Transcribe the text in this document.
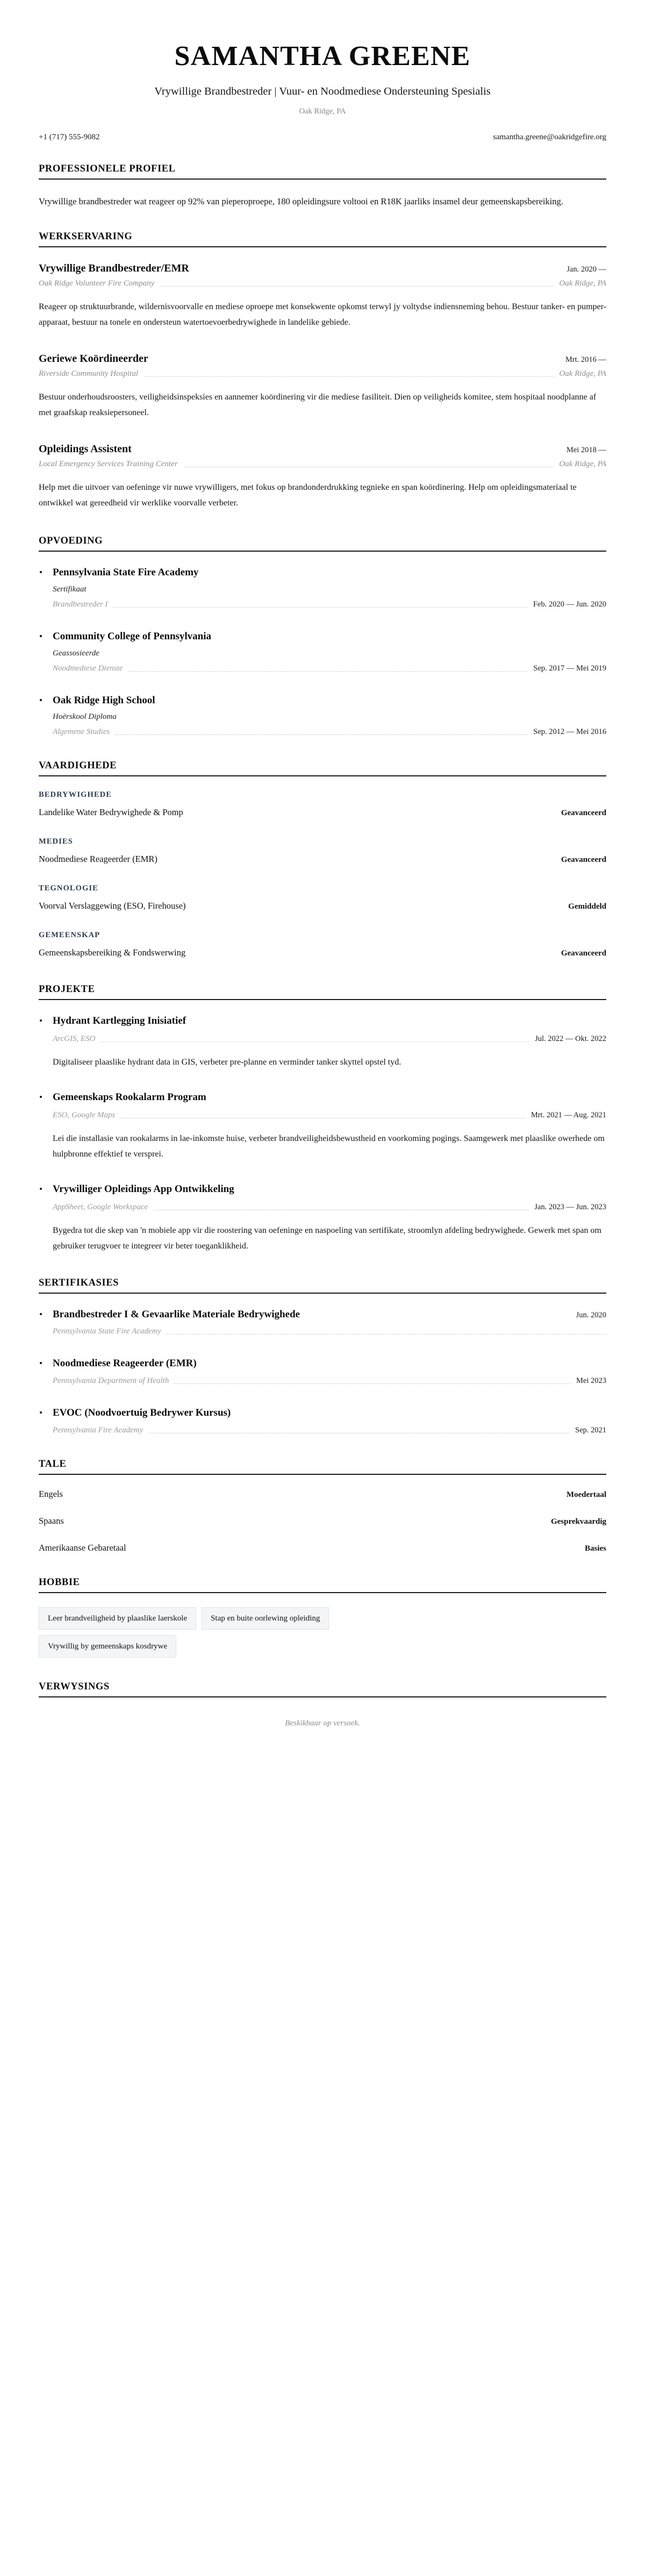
SAMANTHA GREENE
Vrywillige Brandbestreder | Vuur- en Noodmediese Ondersteuning Spesialis
Oak Ridge, PA
+1 (717) 555-9082	samantha.greene@oakridgefire.org
PROFESSIONELE PROFIEL

Vrywillige brandbestreder wat reageer op 92% van pieperoproepe, 180 opleidingsure voltooi en R18K jaarliks insamel deur gemeenskapsbereiking.

WERKSERVARING
Vrywillige Brandbestreder/EMR	Jan. 2020 —
Oak Ridge Volunteer Fire Company	Oak Ridge, PA

Reageer op struktuurbrande, wildernisvoorvalle en mediese oproepe met konsekwente opkomst terwyl jy voltydse indiensneming behou. Bestuur tanker- en pumper-apparaat, bestuur na tonele en ondersteun watertoevoerbedrywighede in landelike gebiede.

Geriewe Koördineerder	Mrt. 2016 —
Riverside Community Hospital	Oak Ridge, PA

Bestuur onderhoudsroosters, veiligheidsinspeksies en aannemer koördinering vir die mediese fasiliteit. Dien op veiligheids komitee, stem hospitaal noodplanne af met graafskap reaksiepersoneel.

Opleidings Assistent	Mei 2018 —
Local Emergency Services Training Center	Oak Ridge, PA

Help met die uitvoer van oefeninge vir nuwe vrywilligers, met fokus op brandonderdrukking tegnieke en span koördinering. Help om opleidingsmateriaal te ontwikkel wat gereedheid vir werklike voorvalle verbeter.

OPVOEDING
Pennsylvania State Fire Academy
Sertifikaat
Brandbestreder I	Feb. 2020 — Jun. 2020
Community College of Pennsylvania
Geassosieerde
Noodmediese Dienste	Sep. 2017 — Mei 2019
Oak Ridge High School
Hoërskool Diploma
Algemene Studies	Sep. 2012 — Mei 2016
VAARDIGHEDE
BEDRYWIGHEDE
Landelike Water Bedrywighede & Pomp	Geavanceerd
MEDIES
Noodmediese Reageerder (EMR)	Geavanceerd
TEGNOLOGIE
Voorval Verslaggewing (ESO, Firehouse)	Gemiddeld
GEMEENSKAP
Gemeenskapsbereiking & Fondswerwing	Geavanceerd
PROJEKTE
Hydrant Kartlegging Inisiatief
ArcGIS, ESO	Jul. 2022 — Okt. 2022

Digitaliseer plaaslike hydrant data in GIS, verbeter pre-planne en verminder tanker skyttel opstel tyd.

Gemeenskaps Rookalarm Program
ESO, Google Maps	Mrt. 2021 — Aug. 2021

Lei die installasie van rookalarms in lae-inkomste huise, verbeter brandveiligheidsbewustheid en voorkoming pogings. Saamgewerk met plaaslike owerhede om hulpbronne effektief te versprei.

Vrywilliger Opleidings App Ontwikkeling
AppSheet, Google Workspace	Jan. 2023 — Jun. 2023

Bygedra tot die skep van 'n mobiele app vir die roostering van oefeninge en naspoeling van sertifikate, stroomlyn afdeling bedrywighede. Gewerk met span om gebruiker terugvoer te integreer vir beter toeganklikheid.

SERTIFIKASIES
Brandbestreder I & Gevaarlike Materiale Bedrywighede	Jun. 2020
Pennsylvania State Fire Academy
Noodmediese Reageerder (EMR)
Pennsylvania Department of Health	Mei 2023
EVOC (Noodvoertuig Bedrywer Kursus)
Pennsylvania Fire Academy	Sep. 2021
TALE
Engels	Moedertaal
Spaans	Gesprekvaardig
Amerikaanse Gebaretaal	Basies
HOBBIE
Leer brandveiligheid by plaaslike laerskole	Stap en buite oorlewing opleiding
Vrywillig by gemeenskaps kosdrywe
VERWYSINGS

Beskikbaar op versoek.
